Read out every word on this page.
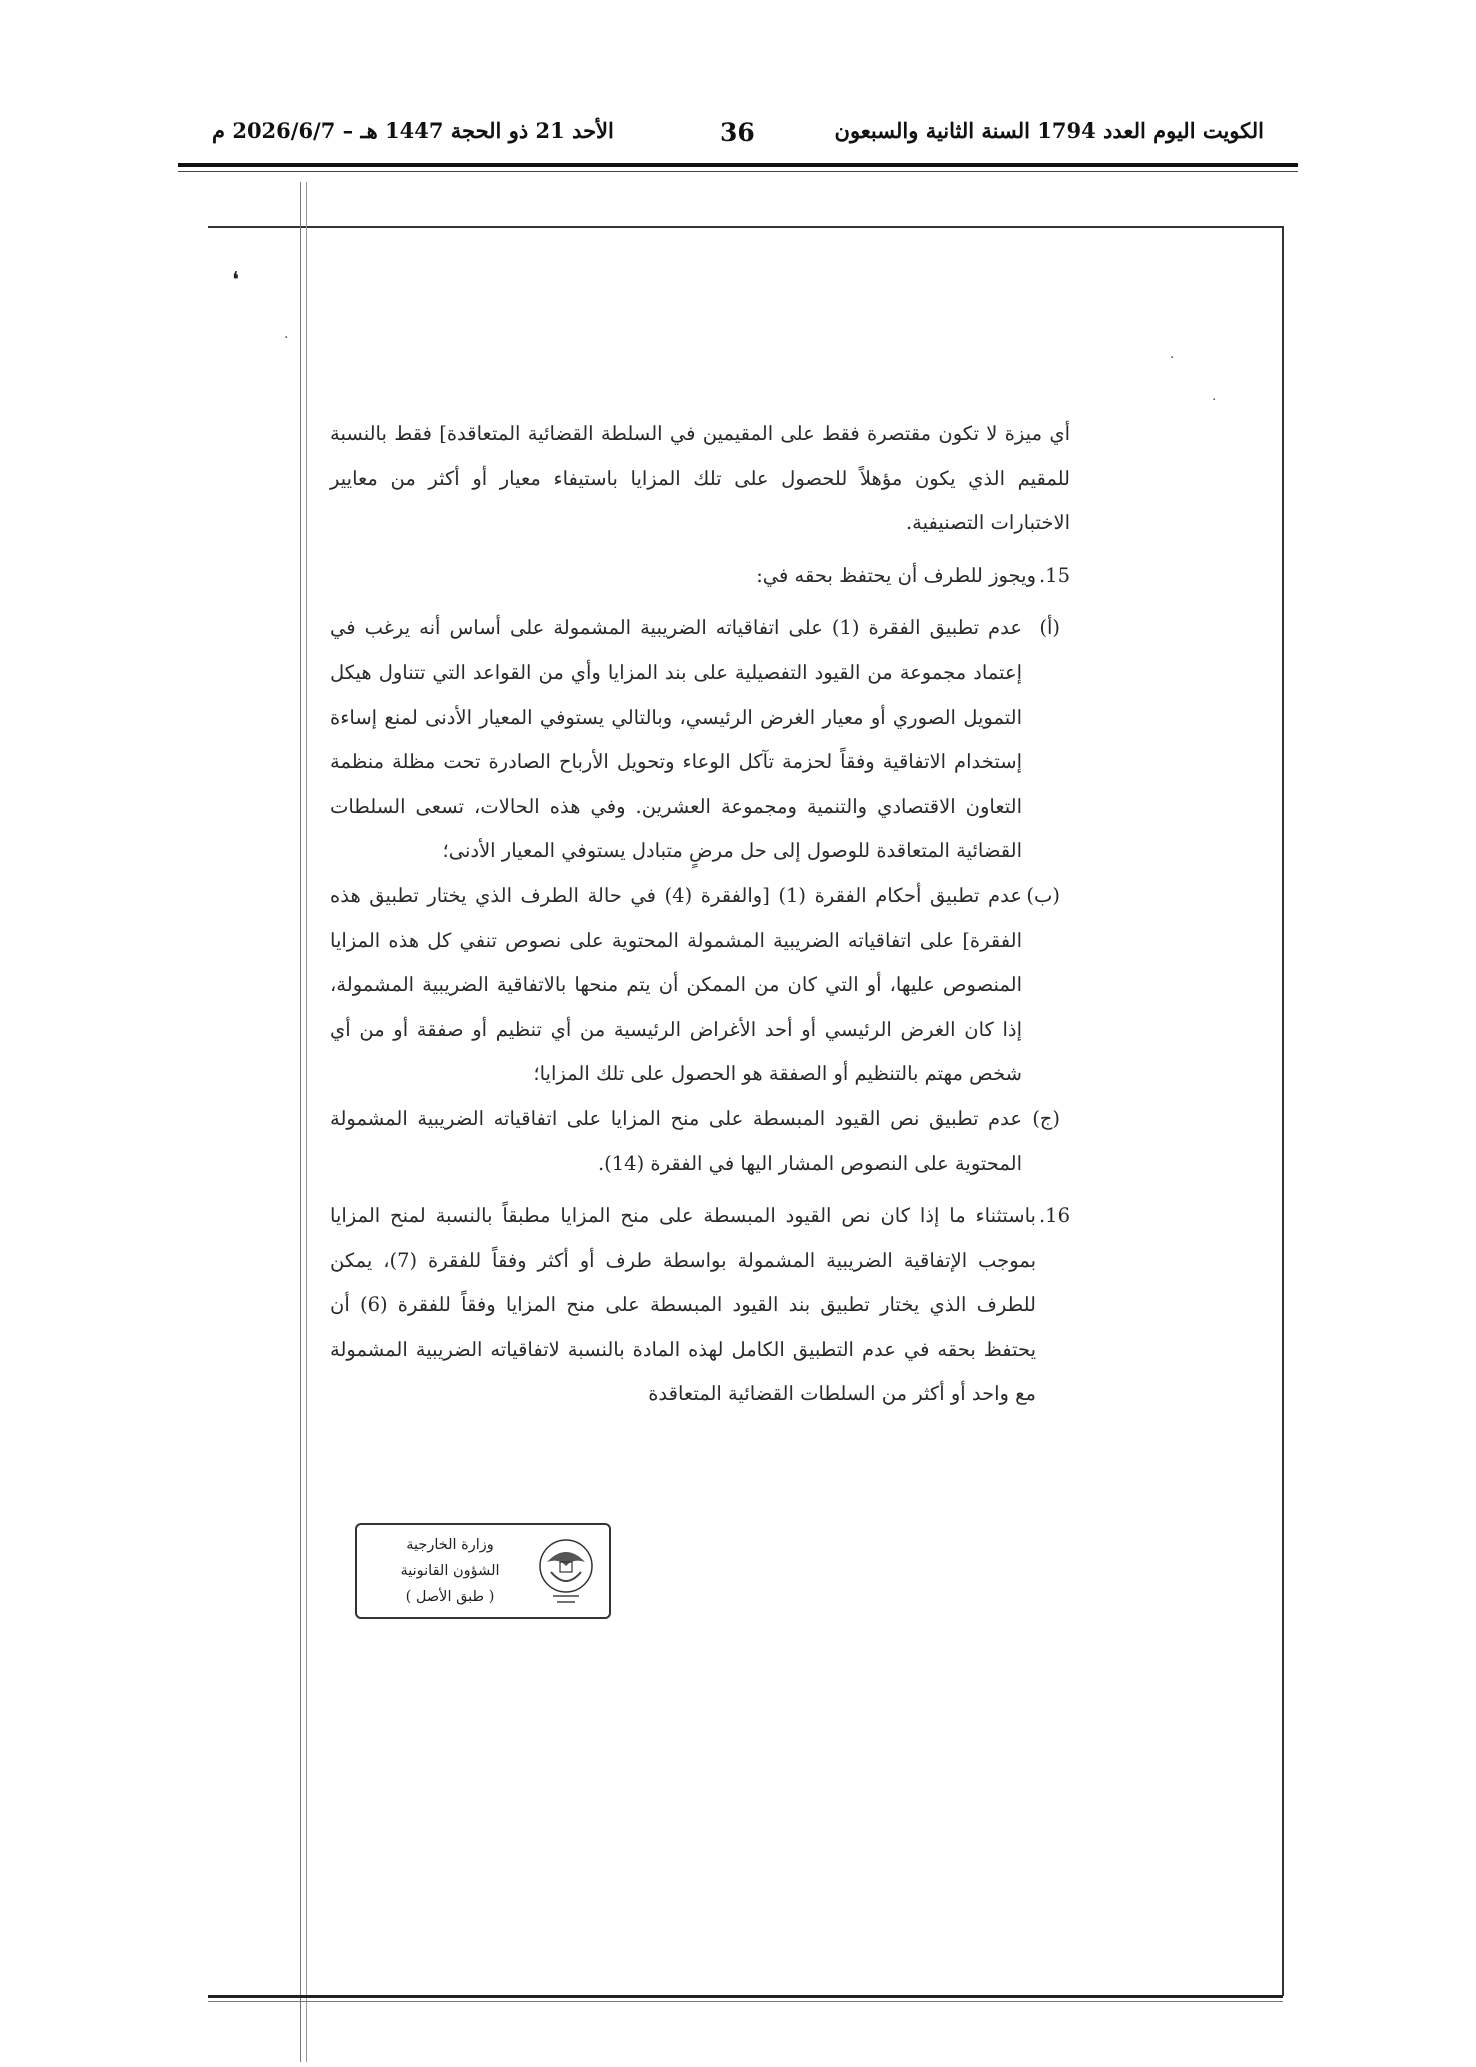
الكويت اليوم العدد 1794 السنة الثانية والسبعون
36
الأحد 21 ذو الحجة 1447 هـ – 2026/6/7 م
❛
·
·
·

أي ميزة لا تكون مقتصرة فقط على المقيمين في السلطة القضائية المتعاقدة] فقط بالنسبة للمقيم الذي يكون مؤهلاً للحصول على تلك المزايا باستيفاء معيار أو أكثر من معايير الاختبارات التصنيفية.

15.
ويجوز للطرف أن يحتفظ بحقه في:
(أ)
عدم تطبيق الفقرة (1) على اتفاقياته الضريبية المشمولة على أساس أنه يرغب في إعتماد مجموعة من القيود التفصيلية على بند المزايا وأي من القواعد التي تتناول هيكل التمويل الصوري أو معيار الغرض الرئيسي، وبالتالي يستوفي المعيار الأدنى لمنع إساءة إستخدام الاتفاقية وفقاً لحزمة تآكل الوعاء وتحويل الأرباح الصادرة تحت مظلة منظمة التعاون الاقتصادي والتنمية ومجموعة العشرين. وفي هذه الحالات، تسعى السلطات القضائية المتعاقدة للوصول إلى حل مرضٍ متبادل يستوفي المعيار الأدنى؛
(ب)
عدم تطبيق أحكام الفقرة (1) [والفقرة (4) في حالة الطرف الذي يختار تطبيق هذه الفقرة] على اتفاقياته الضريبية المشمولة المحتوية على نصوص تنفي كل هذه المزايا المنصوص عليها، أو التي كان من الممكن أن يتم منحها بالاتفاقية الضريبية المشمولة، إذا كان الغرض الرئيسي أو أحد الأغراض الرئيسية من أي تنظيم أو صفقة أو من أي شخص مهتم بالتنظيم أو الصفقة هو الحصول على تلك المزايا؛
(ج)
عدم تطبيق نص القيود المبسطة على منح المزايا على اتفاقياته الضريبية المشمولة المحتوية على النصوص المشار اليها في الفقرة (14).
16.
باستثناء ما إذا كان نص القيود المبسطة على منح المزايا مطبقاً بالنسبة لمنح المزايا بموجب الإتفاقية الضريبية المشمولة بواسطة طرف أو أكثر وفقاً للفقرة (7)، يمكن للطرف الذي يختار تطبيق بند القيود المبسطة على منح المزايا وفقاً للفقرة (6) أن يحتفظ بحقه في عدم التطبيق الكامل لهذه المادة بالنسبة لاتفاقياته الضريبية المشمولة مع واحد أو أكثر من السلطات القضائية المتعاقدة
وزارة الخارجية
الشؤون القانونية
( طبق الأصل )
